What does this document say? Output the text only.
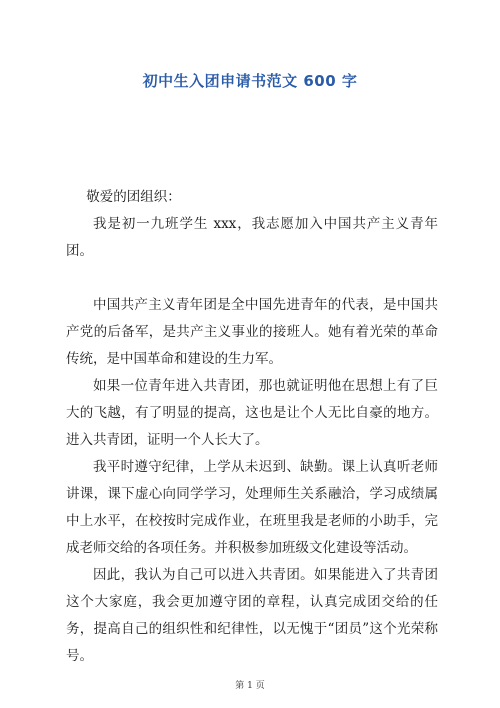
初中生入团申请书范文 600 字

敬爱的团组织：

我是初一九班学生 xxx，我志愿加入中国共产主义青年团。

中国共产主义青年团是全中国先进青年的代表，是中国共产党的后备军，是共产主义事业的接班人。她有着光荣的革命传统，是中国革命和建设的生力军。

如果一位青年进入共青团，那也就证明他在思想上有了巨大的飞越，有了明显的提高，这也是让个人无比自豪的地方。进入共青团，证明一个人长大了。

我平时遵守纪律，上学从未迟到、缺勤。课上认真听老师讲课，课下虚心向同学学习，处理师生关系融洽，学习成绩属中上水平，在校按时完成作业，在班里我是老师的小助手，完成老师交给的各项任务。并积极参加班级文化建设等活动。

因此，我认为自己可以进入共青团。如果能进入了共青团这个大家庭，我会更加遵守团的章程，认真完成团交给的任务，提高自己的组织性和纪律性，以无愧于“团员”这个光荣称号。

第 1 页
